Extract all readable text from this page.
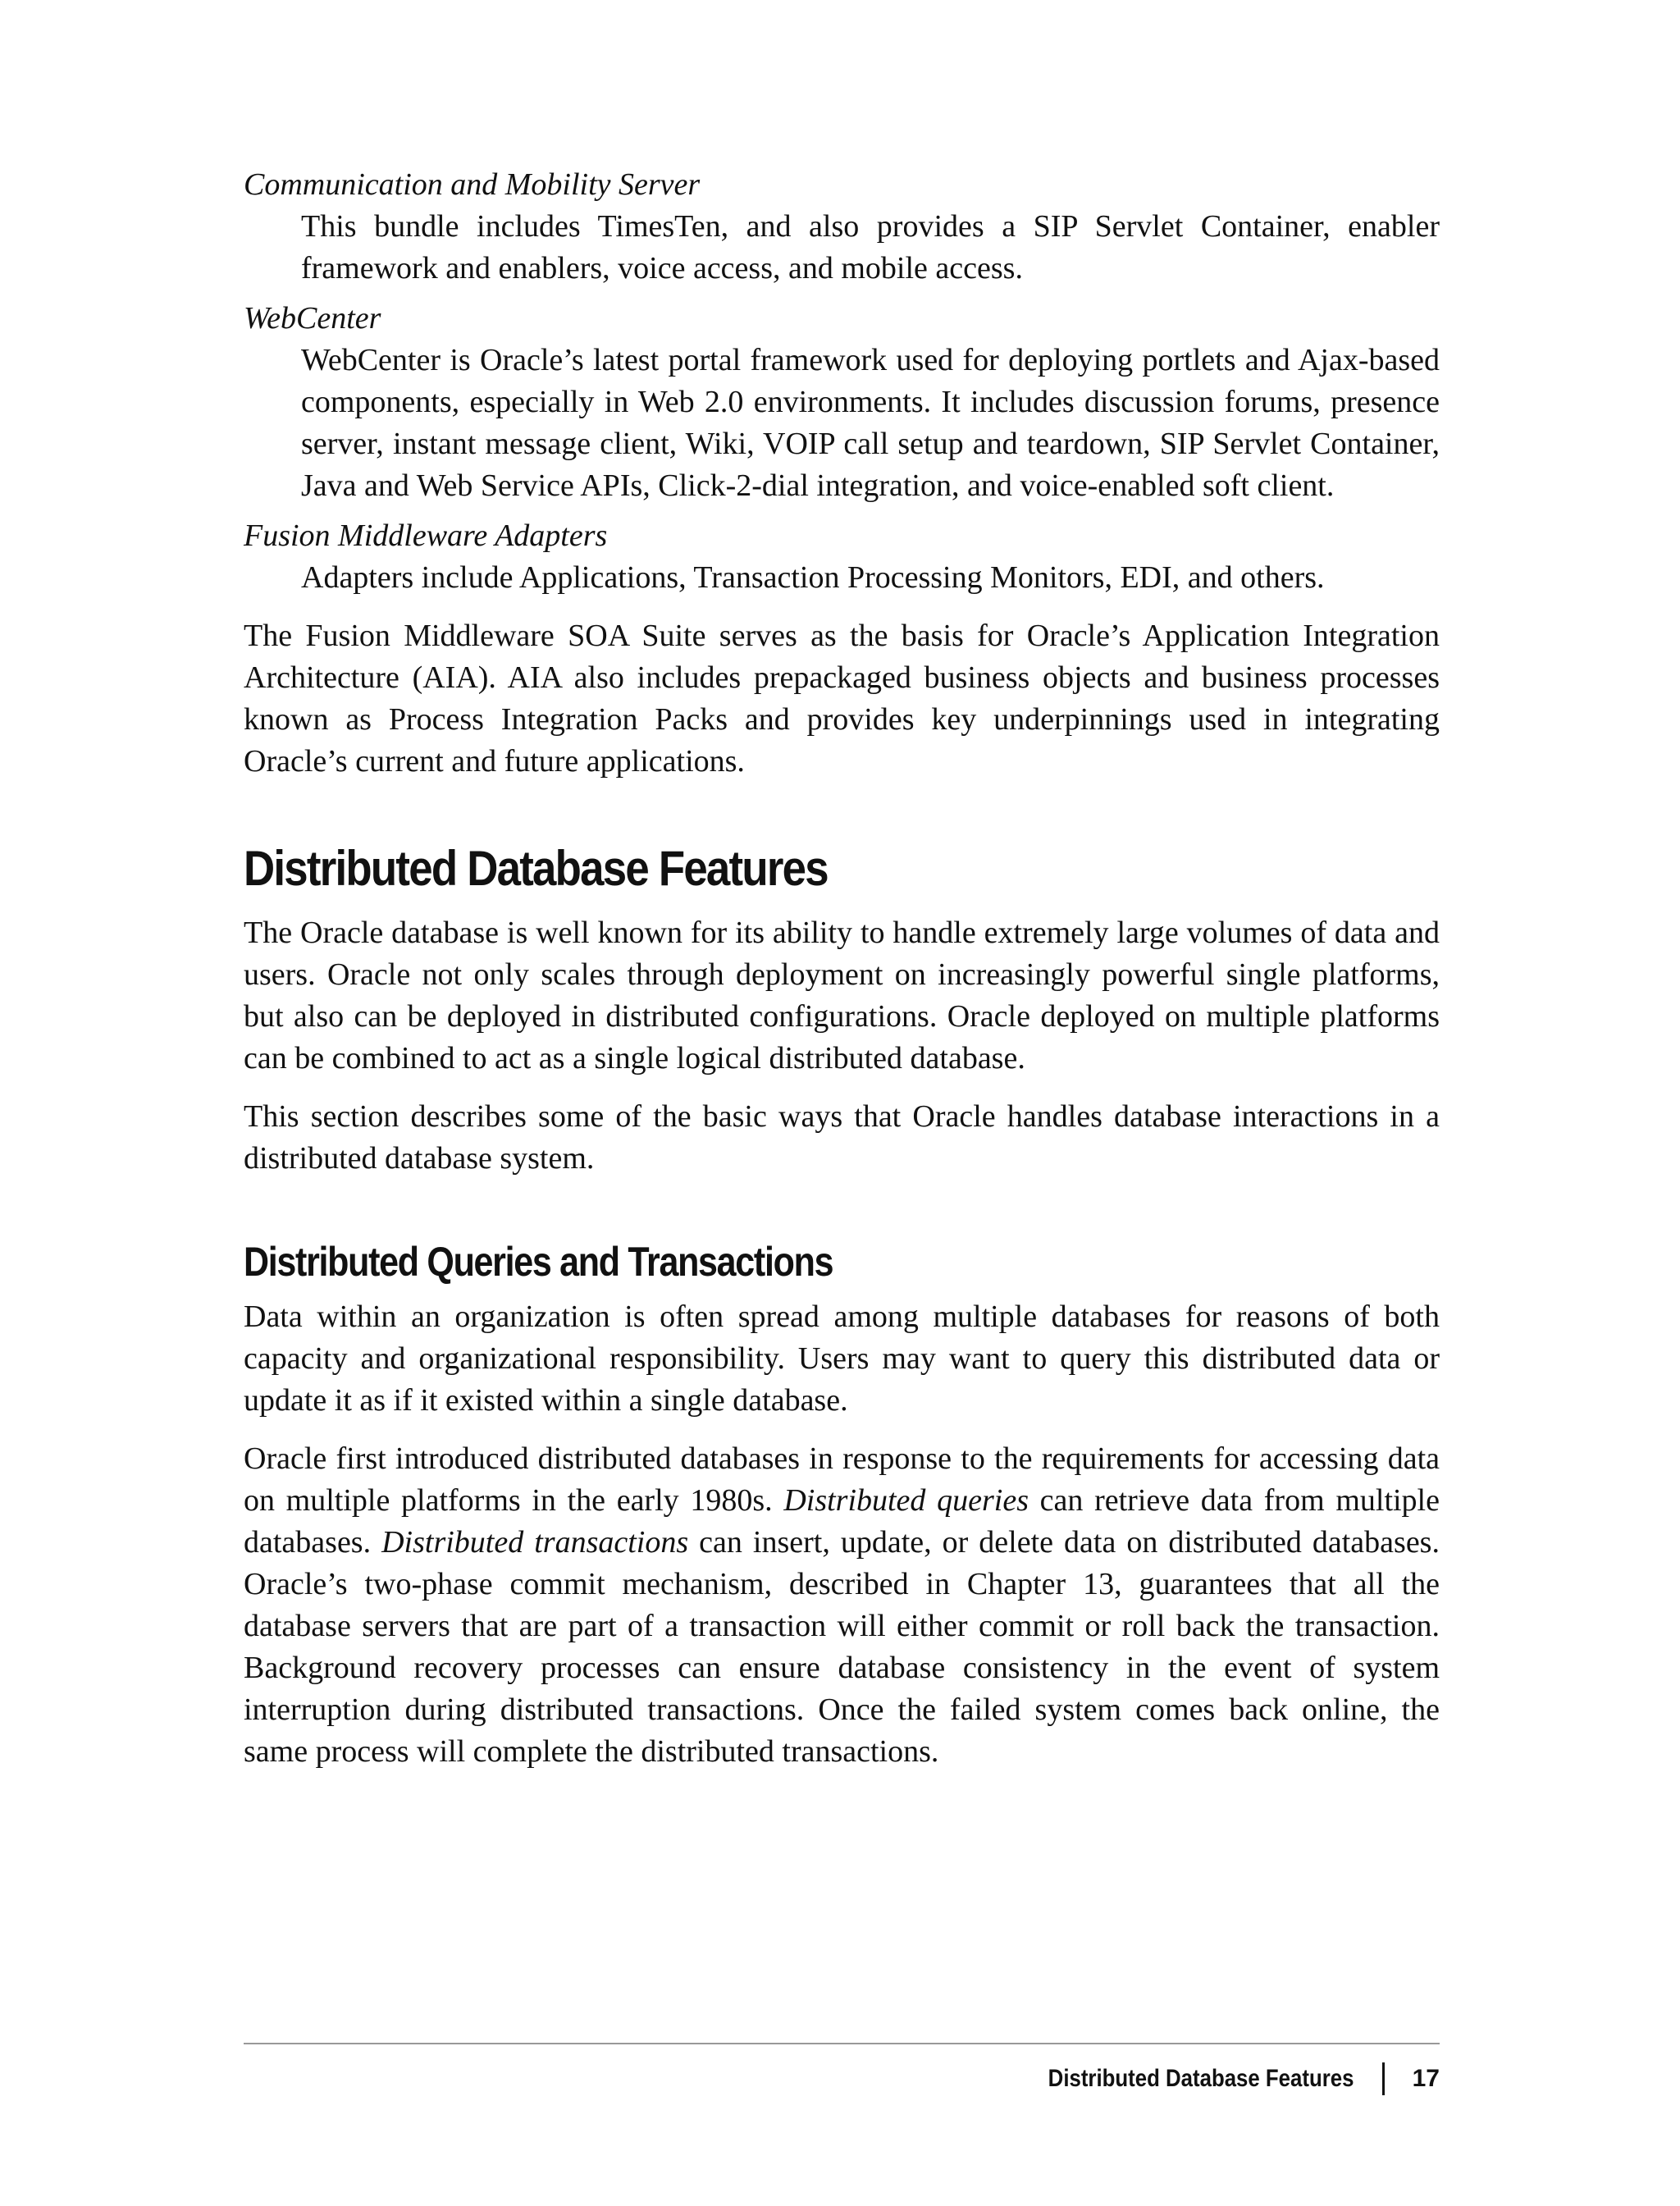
Communication and Mobility Server

This bundle includes TimesTen, and also provides a SIP Servlet Container, enabler framework and enablers, voice access, and mobile access.

WebCenter

WebCenter is Oracle’s latest portal framework used for deploying portlets and Ajax-based components, especially in Web 2.0 environments. It includes discussion forums, presence server, instant message client, Wiki, VOIP call setup and teardown, SIP Servlet Container, Java and Web Service APIs, Click-2-dial integration, and voice-enabled soft client.

Fusion Middleware Adapters

Adapters include Applications, Transaction Processing Monitors, EDI, and others.

The Fusion Middleware SOA Suite serves as the basis for Oracle’s Application Integration Architecture (AIA). AIA also includes prepackaged business objects and business processes known as Process Integration Packs and provides key underpinnings used in integrating Oracle’s current and future applications.

Distributed Database Features

The Oracle database is well known for its ability to handle extremely large volumes of data and users. Oracle not only scales through deployment on increasingly powerful single platforms, but also can be deployed in distributed configurations. Oracle deployed on multiple platforms can be combined to act as a single logical distributed database.

This section describes some of the basic ways that Oracle handles database interactions in a distributed database system.

Distributed Queries and Transactions

Data within an organization is often spread among multiple databases for reasons of both capacity and organizational responsibility. Users may want to query this distributed data or update it as if it existed within a single database.

Oracle first introduced distributed databases in response to the requirements for accessing data on multiple platforms in the early 1980s. Distributed queries can retrieve data from multiple databases. Distributed transactions can insert, update, or delete data on distributed databases. Oracle’s two-phase commit mechanism, described in Chapter 13, guarantees that all the database servers that are part of a transaction will either commit or roll back the transaction. Background recovery processes can ensure database consistency in the event of system interruption during distributed transactions. Once the failed system comes back online, the same process will complete the distributed transactions.

Distributed Database Features 17
